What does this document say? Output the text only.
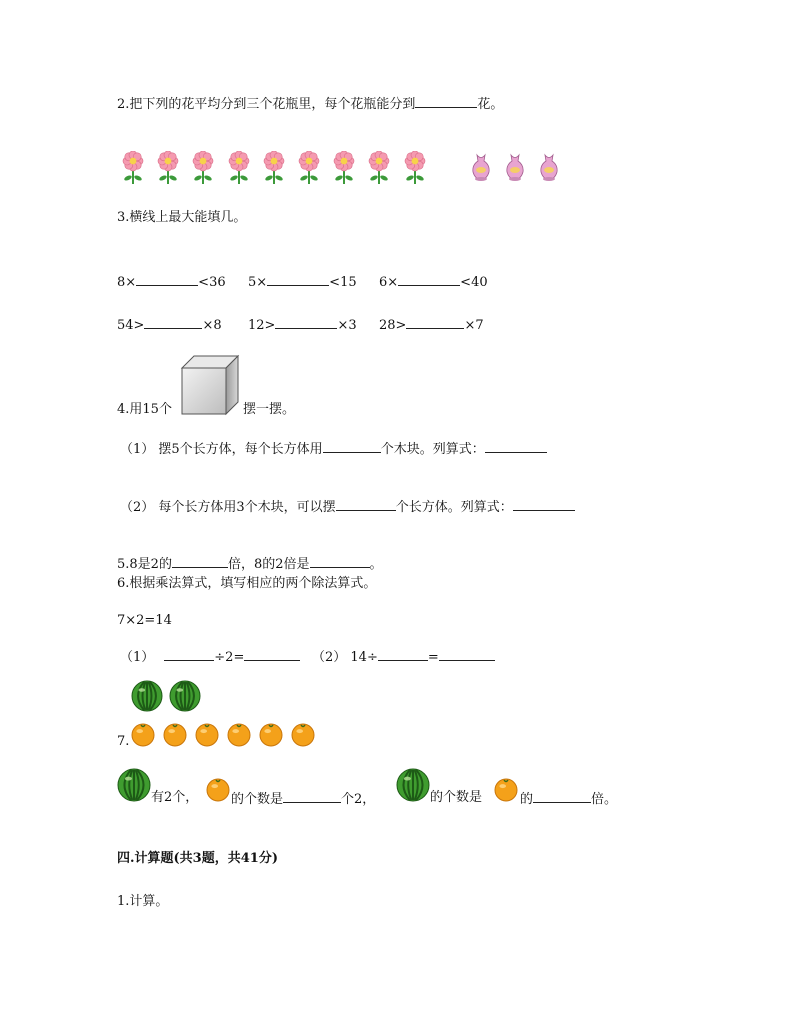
2.把下列的花平均分到三个花瓶里，每个花瓶能分到	花。
3.横线上最大能填几。
8×	<36 5×	<15 6×	<40
54>	×8 12>	×3 28>	×7
4.用15个	摆一摆。
（1） 摆5个长方体，每个长方体用	个木块。列算式：
（2） 每个长方体用3个木块，可以摆	个长方体。列算式：
5.8是2的	倍，8的2倍是	。
6.根据乘法算式，填写相应的两个除法算式。
7×2=14
（1）	÷2=	（2） 14÷	=
7.
有2个，	的个数是	个2，	的个数是	的	倍。
四.计算题(共3题，共41分)
1.计算。
